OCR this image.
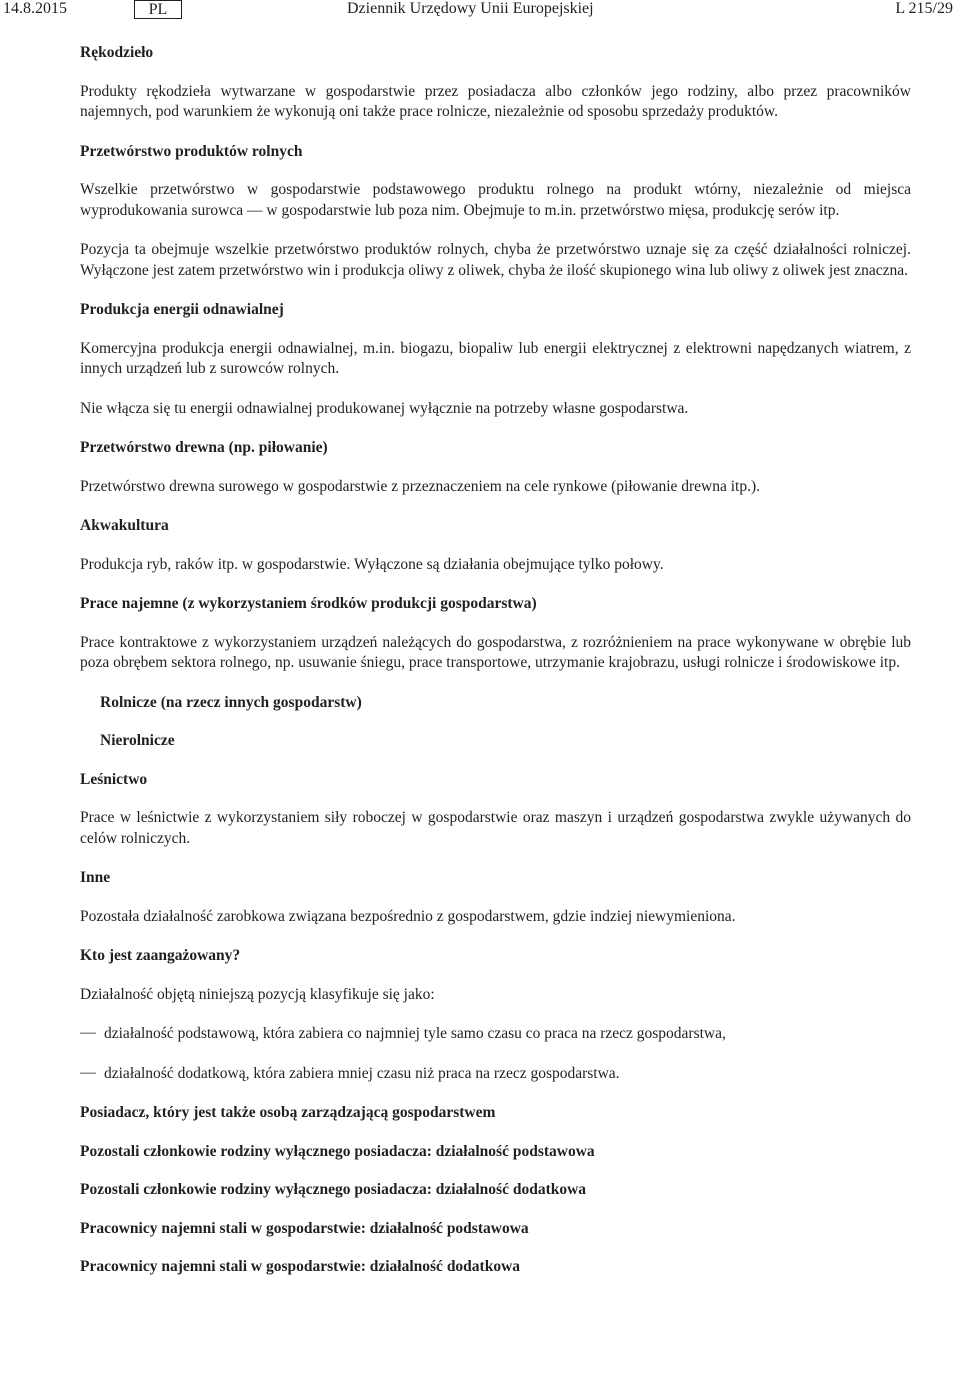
14.8.2015	PL	Dziennik Urzędowy Unii Europejskiej	L 215/29

Rękodzieło

Produkty rękodzieła wytwarzane w gospodarstwie przez posiadacza albo członków jego rodziny, albo przez pracowników najemnych, pod warunkiem że wykonują oni także prace rolnicze, niezależnie od sposobu sprzedaży produktów.

Przetwórstwo produktów rolnych

Wszelkie przetwórstwo w gospodarstwie podstawowego produktu rolnego na produkt wtórny, niezależnie od miejsca wyprodukowania surowca — w gospodarstwie lub poza nim. Obejmuje to m.in. przetwórstwo mięsa, produkcję serów itp.

Pozycja ta obejmuje wszelkie przetwórstwo produktów rolnych, chyba że przetwórstwo uznaje się za część działalności rolniczej. Wyłączone jest zatem przetwórstwo win i produkcja oliwy z oliwek, chyba że ilość skupionego wina lub oliwy z oliwek jest znaczna.

Produkcja energii odnawialnej

Komercyjna produkcja energii odnawialnej, m.in. biogazu, biopaliw lub energii elektrycznej z elektrowni napędzanych wiatrem, z innych urządzeń lub z surowców rolnych.

Nie włącza się tu energii odnawialnej produkowanej wyłącznie na potrzeby własne gospodarstwa.

Przetwórstwo drewna (np. piłowanie)

Przetwórstwo drewna surowego w gospodarstwie z przeznaczeniem na cele rynkowe (piłowanie drewna itp.).

Akwakultura

Produkcja ryb, raków itp. w gospodarstwie. Wyłączone są działania obejmujące tylko połowy.

Prace najemne (z wykorzystaniem środków produkcji gospodarstwa)

Prace kontraktowe z wykorzystaniem urządzeń należących do gospodarstwa, z rozróżnieniem na prace wykonywane w obrębie lub poza obrębem sektora rolnego, np. usuwanie śniegu, prace transportowe, utrzymanie krajobrazu, usługi rolnicze i środowiskowe itp.

Rolnicze (na rzecz innych gospodarstw)

Nierolnicze

Leśnictwo

Prace w leśnictwie z wykorzystaniem siły roboczej w gospodarstwie oraz maszyn i urządzeń gospodarstwa zwykle używanych do celów rolniczych.

Inne

Pozostała działalność zarobkowa związana bezpośrednio z gospodarstwem, gdzie indziej niewymieniona.

Kto jest zaangażowany?

Działalność objętą niniejszą pozycją klasyfikuje się jako:

— działalność podstawową, która zabiera co najmniej tyle samo czasu co praca na rzecz gospodarstwa,

— działalność dodatkową, która zabiera mniej czasu niż praca na rzecz gospodarstwa.

Posiadacz, który jest także osobą zarządzającą gospodarstwem

Pozostali członkowie rodziny wyłącznego posiadacza: działalność podstawowa

Pozostali członkowie rodziny wyłącznego posiadacza: działalność dodatkowa

Pracownicy najemni stali w gospodarstwie: działalność podstawowa

Pracownicy najemni stali w gospodarstwie: działalność dodatkowa
